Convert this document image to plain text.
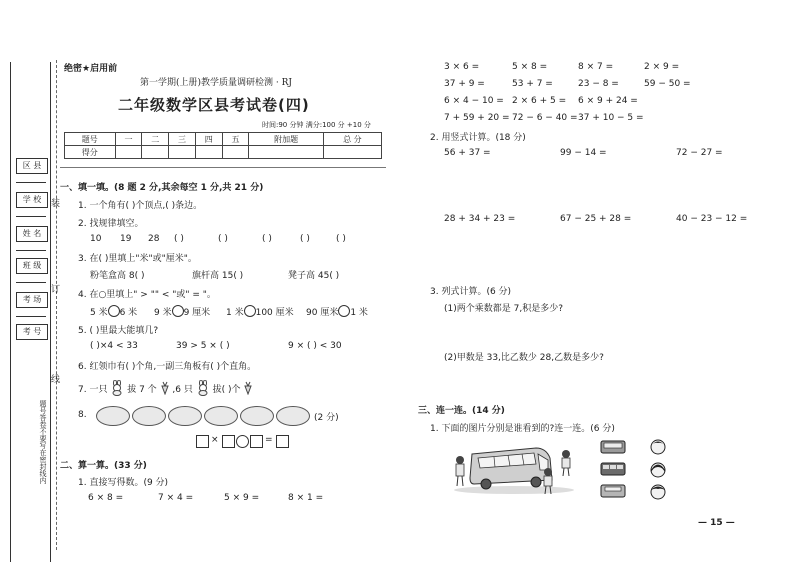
区 县
学 校
姓 名
班 级
考 场
考 号
装
订
线
题号答卷不要写在密封线内
绝密★启用前
第一学期(上册)教学质量调研检测 · RJ
二年级数学区县考试卷(四)
时间:90 分钟 满分:100 分 +10 分
题号	一	二	三	四	五	附加题	总 分
得分							
一、填一填。(8 题 2 分,其余每空 1 分,共 21 分)
1. 一个角有( )个顶点,( )条边。
2. 找规律填空。
10 19 28 ( )	( )	( )	( )	( )
3. 在( )里填上"米"或"厘米"。
粉笔盒高 8( )	旗杆高 15( )	凳子高 45( )
4. 在○里填上" > "" < "或" = "。
5 米 6 米 9 米 9 厘米 1 米 100 厘米 90 厘米 1 米
5. ( )里最大能填几?
( )×4 < 33	39 > 5 × ( )	9 × ( ) < 30
6. 红领巾有( )个角,一副三角板有( )个直角。
7. 一只 拔 7 个 ,6 只 拔( )个
8.	(2 分)
×	=
二、算一算。(33 分)
1. 直接写得数。(9 分)
6 × 8 =	7 × 4 =	5 × 9 =	8 × 1 =
3 × 6 =	5 × 8 =	8 × 7 =	2 × 9 =
37 + 9 =	53 + 7 =	23 − 8 =	59 − 50 =
6 × 4 − 10 = 2 × 6 + 5 = 6 × 9 + 24 =
7 + 59 + 20 = 72 − 6 − 40 = 37 + 10 − 5 =
2. 用竖式计算。(18 分)
56 + 37 =	99 − 14 =	72 − 27 =
28 + 34 + 23 =	67 − 25 + 28 =	40 − 23 − 12 =
3. 列式计算。(6 分)
(1)两个乘数都是 7,积是多少?
(2)甲数是 33,比乙数少 28,乙数是多少?
三、连一连。(14 分)
1. 下面的图片分别是谁看到的?连一连。(6 分)
— 15 —
